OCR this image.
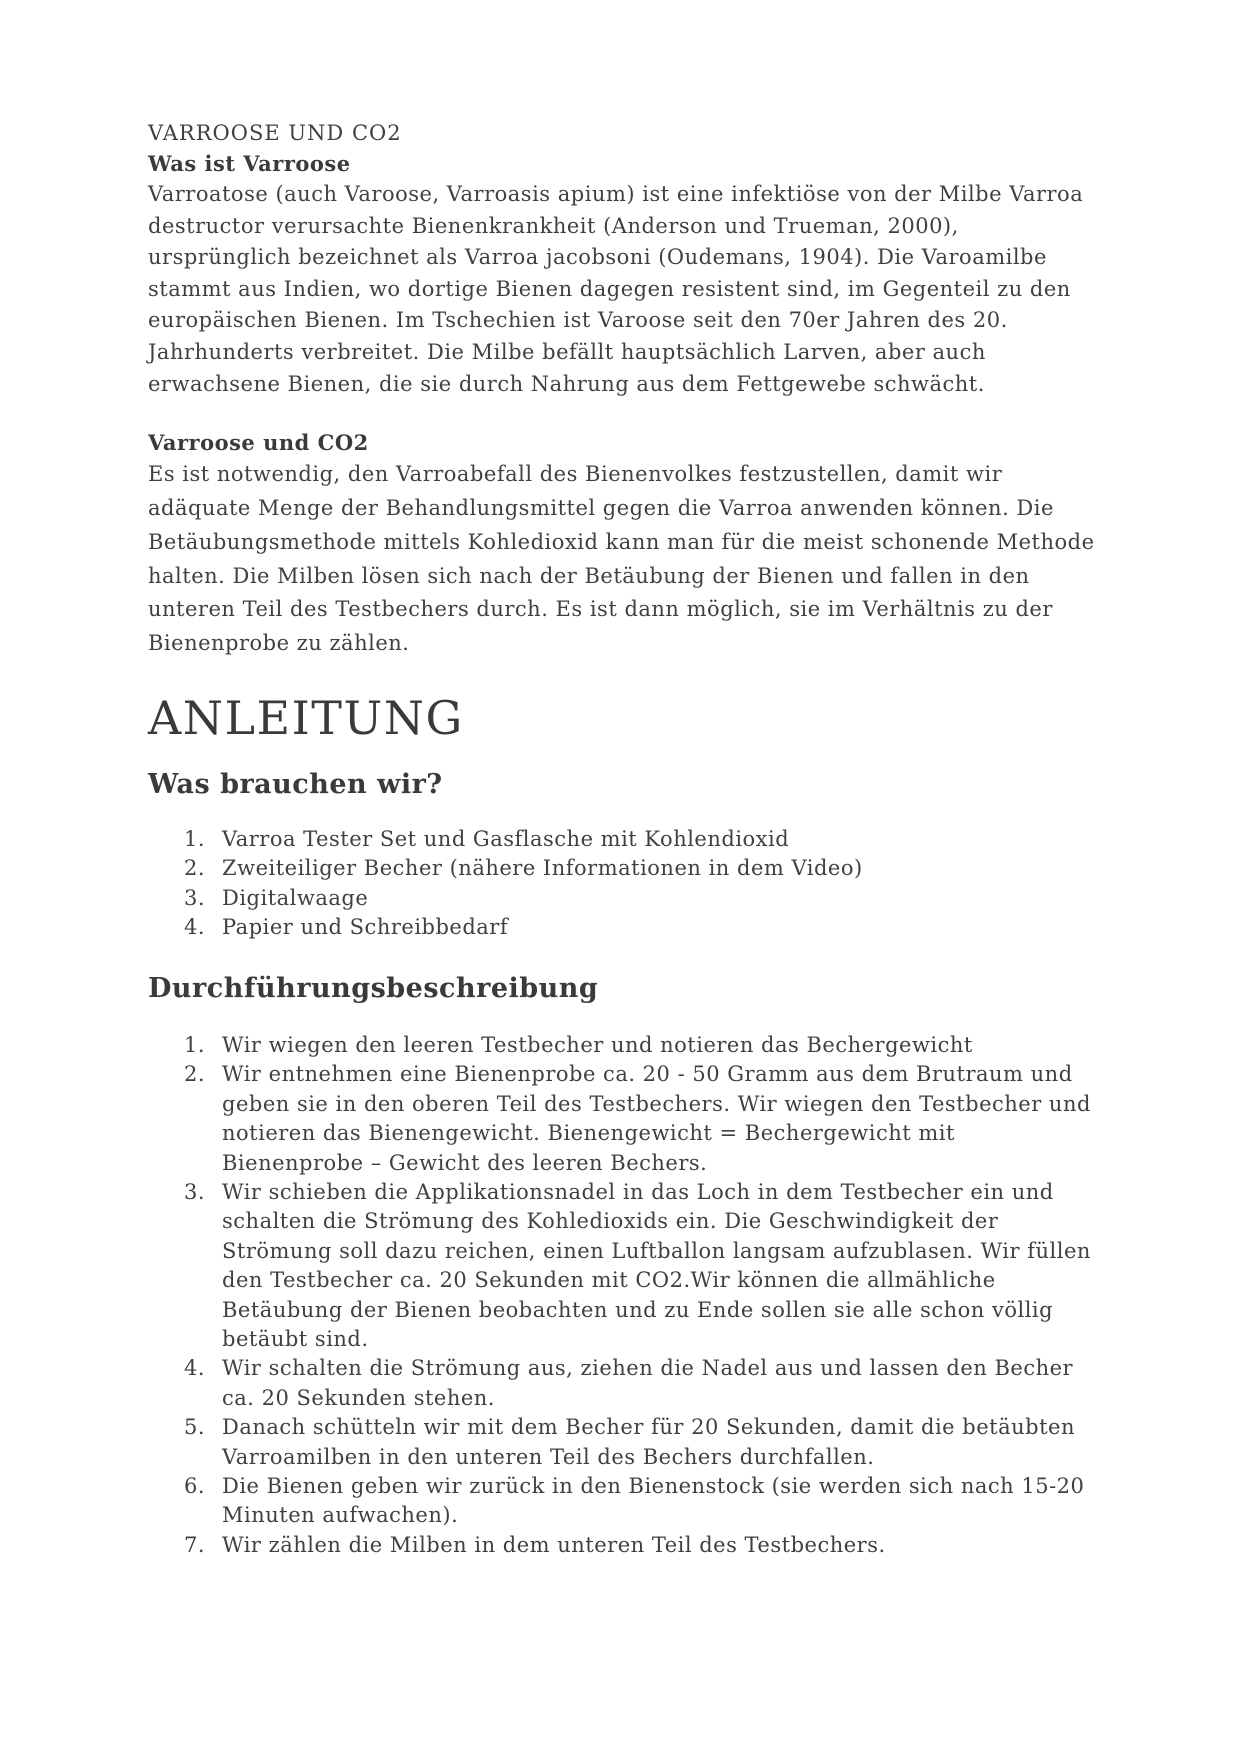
VARROOSE UND CO2
Was ist Varroose

Varroatose (auch Varoose, Varroasis apium) ist eine infektiöse von der Milbe Varroa destructor verursachte Bienenkrankheit (Anderson und Trueman, 2000), ursprünglich bezeichnet als Varroa jacobsoni (Oudemans, 1904). Die Varoamilbe stammt aus Indien, wo dortige Bienen dagegen resistent sind, im Gegenteil zu den europäischen Bienen. Im Tschechien ist Varoose seit den 70er Jahren des 20. Jahrhunderts verbreitet. Die Milbe befällt hauptsächlich Larven, aber auch erwachsene Bienen, die sie durch Nahrung aus dem Fettgewebe schwächt.

Varroose und CO2

Es ist notwendig, den Varroabefall des Bienenvolkes festzustellen, damit wir adäquate Menge der Behandlungsmittel gegen die Varroa anwenden können. Die Betäubungsmethode mittels Kohledioxid kann man für die meist schonende Methode halten. Die Milben lösen sich nach der Betäubung der Bienen und fallen in den unteren Teil des Testbechers durch. Es ist dann möglich, sie im Verhältnis zu der Bienenprobe zu zählen.

ANLEITUNG
Was brauchen wir?
1. Varroa Tester Set und Gasflasche mit Kohlendioxid
2. Zweiteiliger Becher (nähere Informationen in dem Video)
3. Digitalwaage
4. Papier und Schreibbedarf
Durchführungsbeschreibung
1. Wir wiegen den leeren Testbecher und notieren das Bechergewicht
2. Wir entnehmen eine Bienenprobe ca. 20 - 50 Gramm aus dem Brutraum und geben sie in den oberen Teil des Testbechers. Wir wiegen den Testbecher und notieren das Bienengewicht. Bienengewicht = Bechergewicht mit Bienenprobe – Gewicht des leeren Bechers.
3. Wir schieben die Applikationsnadel in das Loch in dem Testbecher ein und schalten die Strömung des Kohledioxids ein. Die Geschwindigkeit der Strömung soll dazu reichen, einen Luftballon langsam aufzublasen. Wir füllen den Testbecher ca. 20 Sekunden mit CO2.Wir können die allmähliche Betäubung der Bienen beobachten und zu Ende sollen sie alle schon völlig betäubt sind.
4. Wir schalten die Strömung aus, ziehen die Nadel aus und lassen den Becher ca. 20 Sekunden stehen.
5. Danach schütteln wir mit dem Becher für 20 Sekunden, damit die betäubten Varroamilben in den unteren Teil des Bechers durchfallen.
6. Die Bienen geben wir zurück in den Bienenstock (sie werden sich nach 15-20 Minuten aufwachen).
7. Wir zählen die Milben in dem unteren Teil des Testbechers.
